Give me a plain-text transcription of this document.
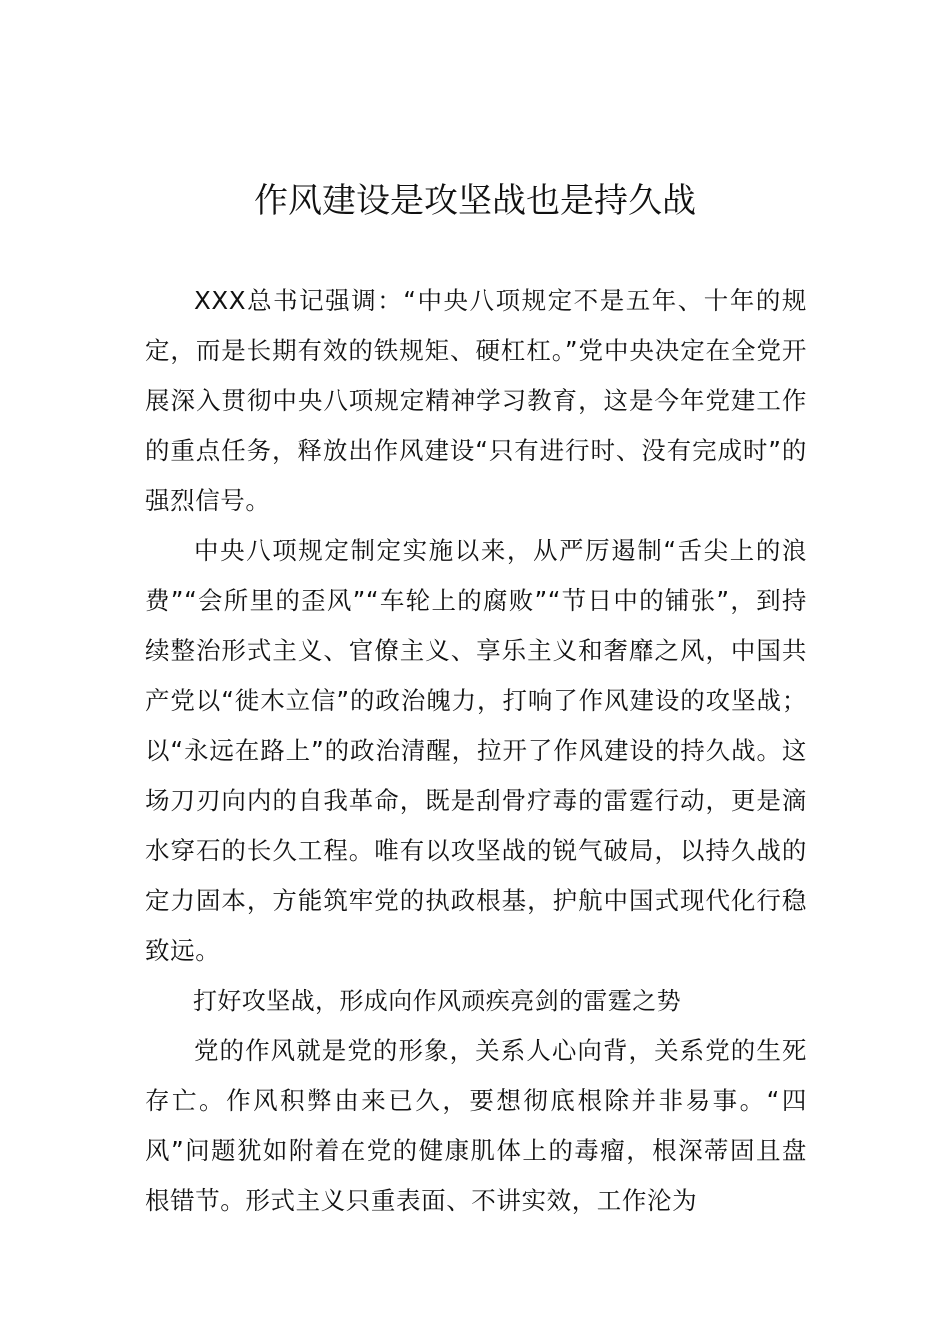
作风建设是攻坚战也是持久战

XXX总书记强调：“中央八项规定不是五年、十年的规定，而是长期有效的铁规矩、硬杠杠。”党中央决定在全党开展深入贯彻中央八项规定精神学习教育，这是今年党建工作的重点任务，释放出作风建设“只有进行时、没有完成时”的强烈信号。

中央八项规定制定实施以来，从严厉遏制“舌尖上的浪费”“会所里的歪风”“车轮上的腐败”“节日中的铺张”，到持续整治形式主义、官僚主义、享乐主义和奢靡之风，中国共产党以“徙木立信”的政治魄力，打响了作风建设的攻坚战；以“永远在路上”的政治清醒，拉开了作风建设的持久战。这场刀刃向内的自我革命，既是刮骨疗毒的雷霆行动，更是滴水穿石的长久工程。唯有以攻坚战的锐气破局，以持久战的定力固本，方能筑牢党的执政根基，护航中国式现代化行稳致远。

打好攻坚战，形成向作风顽疾亮剑的雷霆之势

党的作风就是党的形象，关系人心向背，关系党的生死存亡。作风积弊由来已久，要想彻底根除并非易事。“四风”问题犹如附着在党的健康肌体上的毒瘤，根深蒂固且盘根错节。形式主义只重表面、不讲实效，工作沦为
